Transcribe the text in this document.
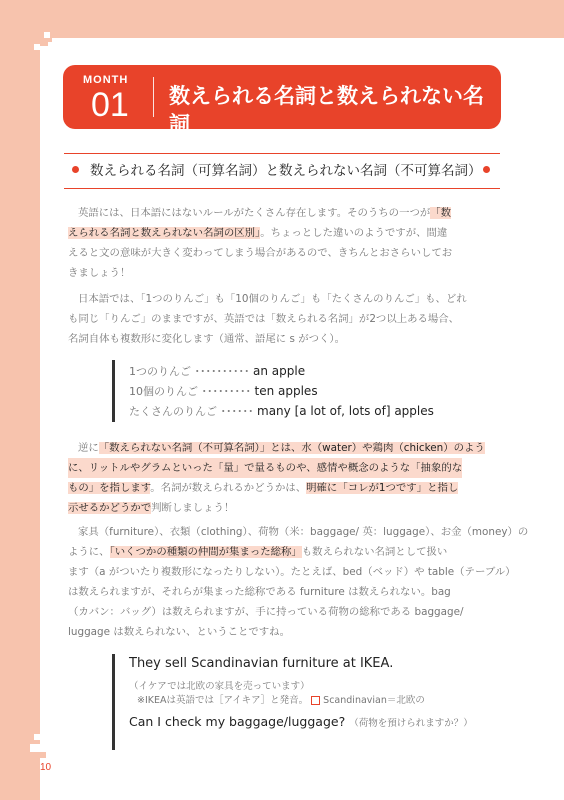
MONTH
01 数えられる名詞と数えられない名詞
数えられる名詞（可算名詞）と数えられない名詞（不可算名詞）
英語には、日本語にはないルールがたくさん存在します。そのうちの一つが「数
えられる名詞と数えられない名詞の区別」。ちょっとした違いのようですが、間違
えると文の意味が大きく変わってしまう場合があるので、きちんとおさらいしてお
きましょう！
日本語では、「1つのりんご」も「10個のりんご」も「たくさんのりんご」も、どれ
も同じ「りんご」のままですが、英語では「数えられる名詞」が2つ以上ある場合、
名詞自体も複数形に変化します（通常、語尾に s がつく）。
1つのりんご ･･････････ an apple
10個のりんご ･････････ ten apples
たくさんのりんご ･･････ many [a lot of, lots of] apples
逆に「数えられない名詞（不可算名詞）」とは、水（water）や鶏肉（chicken）のよう
に、リットルやグラムといった「量」で量るものや、感情や概念のような「抽象的な
もの」を指します。名詞が数えられるかどうかは、明確に「コレが1つです」と指し
示せるかどうかで判断しましょう！
家具（furniture）、衣類（clothing）、荷物（米：baggage/ 英：luggage）、お金（money）の
ように、「いくつかの種類の仲間が集まった総称」も数えられない名詞として扱い
ます（a がついたり複数形になったりしない）。たとえば、bed（ベッド）や table（テーブル）
は数えられますが、それらが集まった総称である furniture は数えられない。bag
（カバン：バッグ）は数えられますが、手に持っている荷物の総称である baggage/
luggage は数えられない、ということですね。
They sell Scandinavian furniture at IKEA.
（イケアでは北欧の家具を売っています）
※IKEAは英語では［アイキア］と発音。 Scandinavian＝北欧の
Can I check my baggage/luggage? （荷物を預けられますか？）
10
